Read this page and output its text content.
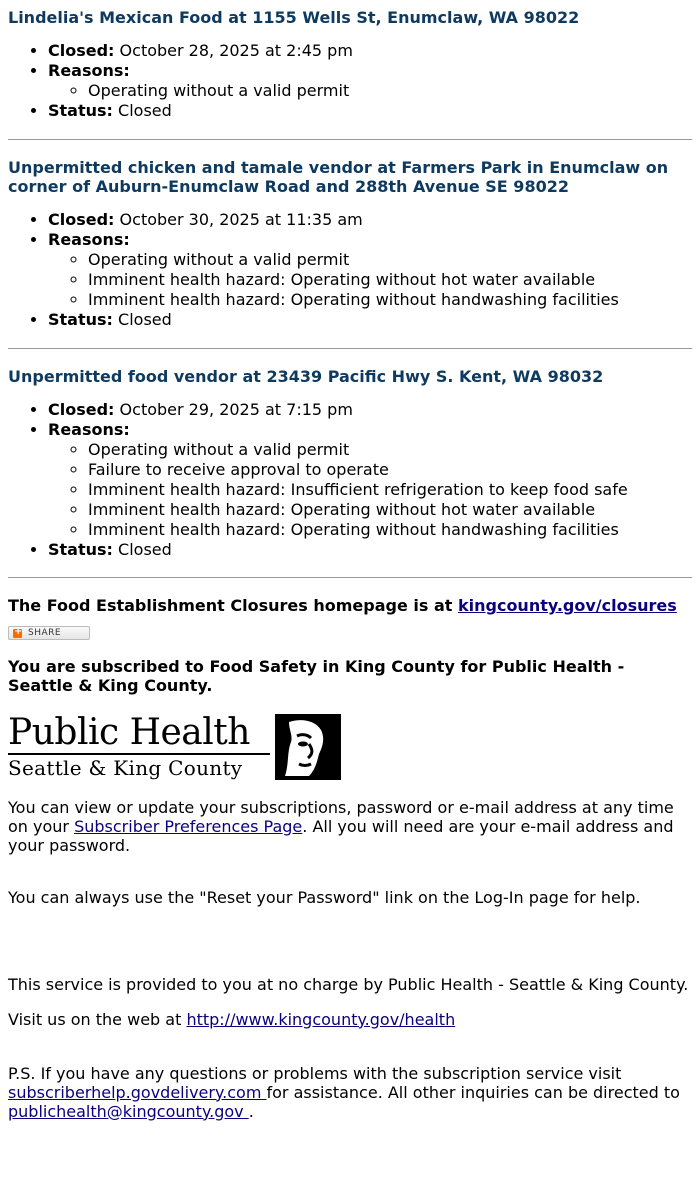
Lindelia's Mexican Food at 1155 Wells St, Enumclaw, WA 98022
• Closed: October 28, 2025 at 2:45 pm
• Reasons:
◦ Operating without a valid permit
• Status: Closed
Unpermitted chicken and tamale vendor at Farmers Park in Enumclaw on corner of Auburn-Enumclaw Road and 288th Avenue SE 98022
• Closed: October 30, 2025 at 11:35 am
• Reasons:
◦ Operating without a valid permit
◦ Imminent health hazard: Operating without hot water available
◦ Imminent health hazard: Operating without handwashing facilities
• Status: Closed
Unpermitted food vendor at 23439 Pacific Hwy S. Kent, WA 98032
• Closed: October 29, 2025 at 7:15 pm
• Reasons:
◦ Operating without a valid permit
◦ Failure to receive approval to operate
◦ Imminent health hazard: Insufficient refrigeration to keep food safe
◦ Imminent health hazard: Operating without hot water available
◦ Imminent health hazard: Operating without handwashing facilities
• Status: Closed

The Food Establishment Closures homepage is at kingcounty.gov/closures

+
SHARE

You are subscribed to Food Safety in King County for Public Health - Seattle & King County.

Public Health
Seattle & King County

You can view or update your subscriptions, password or e-mail address at any time on your Subscriber Preferences Page. All you will need are your e-mail address and your password.

You can always use the "Reset your Password" link on the Log-In page for help.

This service is provided to you at no charge by Public Health - Seattle & King County.

Visit us on the web at http://www.kingcounty.gov/health

P.S. If you have any questions or problems with the subscription service visit subscriberhelp.govdelivery.com for assistance. All other inquiries can be directed to publichealth@kingcounty.gov .
